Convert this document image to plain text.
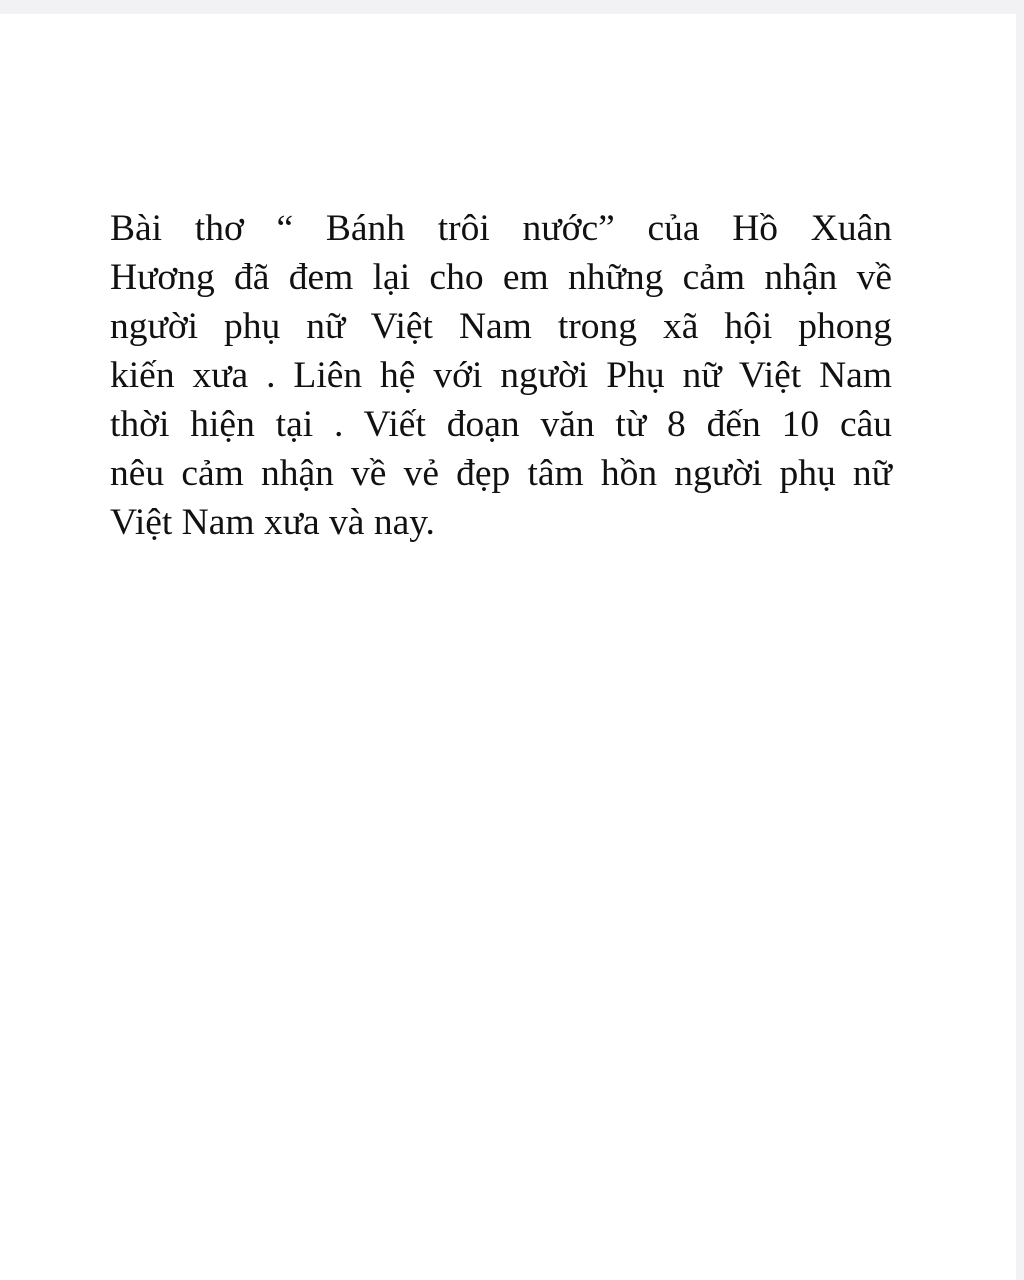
Bài thơ “ Bánh trôi nước” của Hồ Xuân
Hương đã đem lại cho em những cảm nhận về
người phụ nữ Việt Nam trong xã hội phong
kiến xưa . Liên hệ với người Phụ nữ Việt Nam
thời hiện tại . Viết đoạn văn từ 8 đến 10 câu
nêu cảm nhận về vẻ đẹp tâm hồn người phụ nữ
Việt Nam xưa và nay.
